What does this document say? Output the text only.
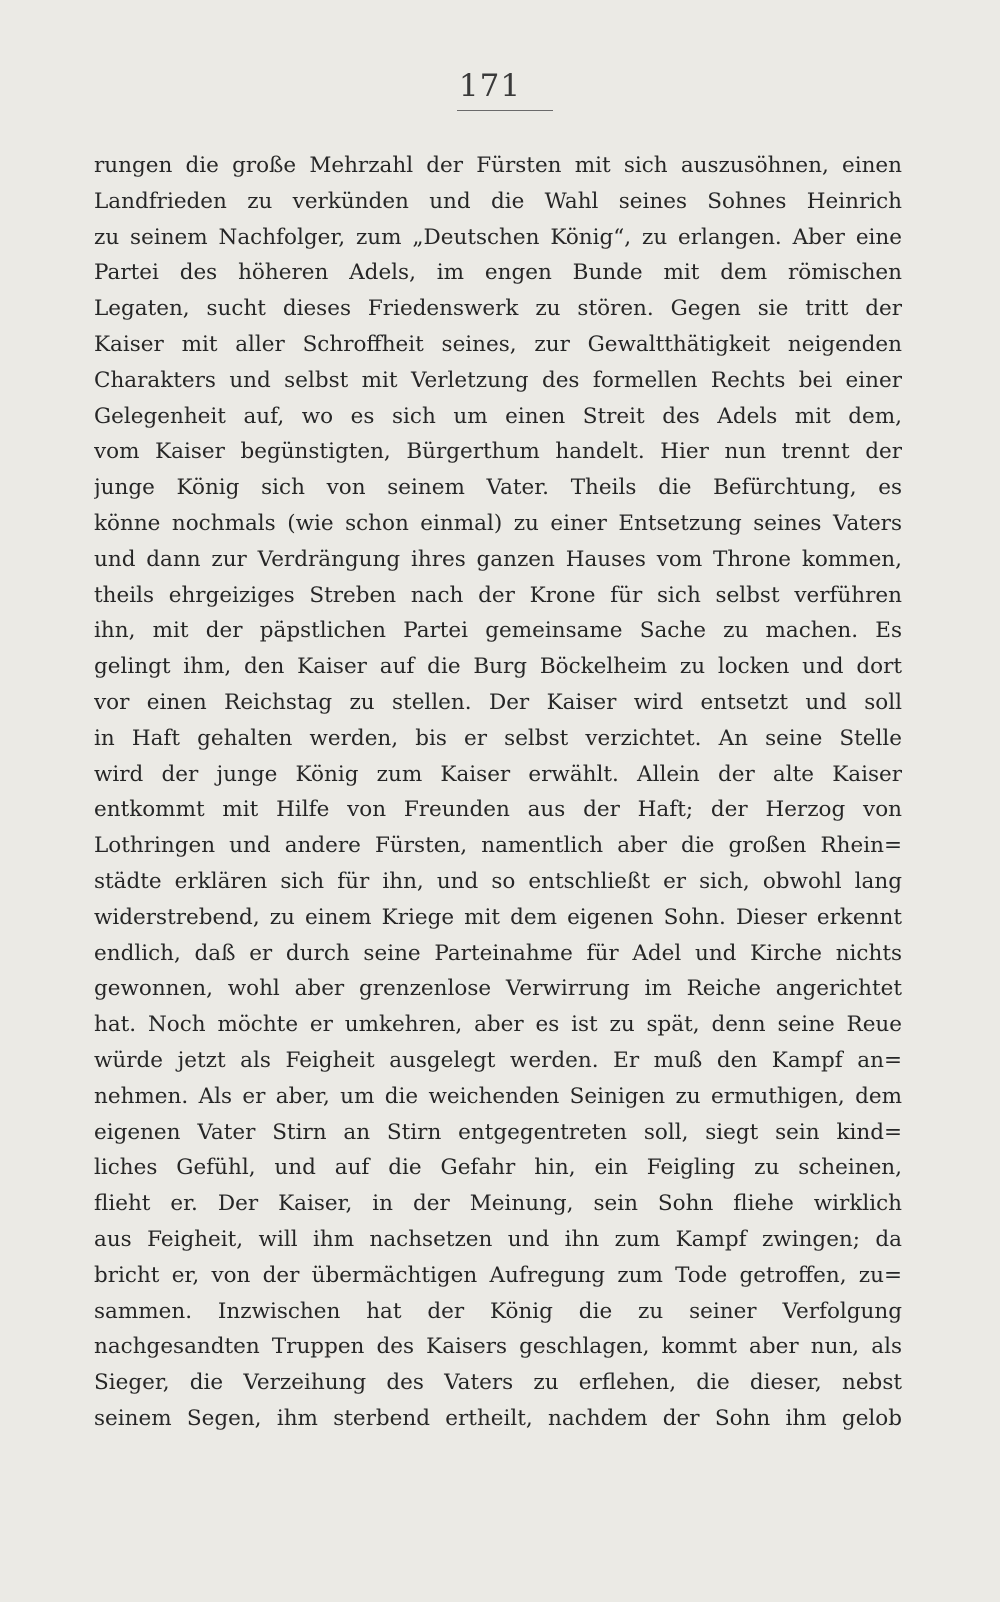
171
rungen die große Mehrzahl der Fürsten mit sich auszusöhnen, einen
Landfrieden zu verkünden und die Wahl seines Sohnes Heinrich
zu seinem Nachfolger, zum „Deutschen König“, zu erlangen. Aber eine
Partei des höheren Adels, im engen Bunde mit dem römischen
Legaten, sucht dieses Friedenswerk zu stören. Gegen sie tritt der
Kaiser mit aller Schroffheit seines, zur Gewaltthätigkeit neigenden
Charakters und selbst mit Verletzung des formellen Rechts bei einer
Gelegenheit auf, wo es sich um einen Streit des Adels mit dem,
vom Kaiser begünstigten, Bürgerthum handelt. Hier nun trennt der
junge König sich von seinem Vater. Theils die Befürchtung, es
könne nochmals (wie schon einmal) zu einer Entsetzung seines Vaters
und dann zur Verdrängung ihres ganzen Hauses vom Throne kommen,
theils ehrgeiziges Streben nach der Krone für sich selbst verführen
ihn, mit der päpstlichen Partei gemeinsame Sache zu machen. Es
gelingt ihm, den Kaiser auf die Burg Böckelheim zu locken und dort
vor einen Reichstag zu stellen. Der Kaiser wird entsetzt und soll
in Haft gehalten werden, bis er selbst verzichtet. An seine Stelle
wird der junge König zum Kaiser erwählt. Allein der alte Kaiser
entkommt mit Hilfe von Freunden aus der Haft; der Herzog von
Lothringen und andere Fürsten, namentlich aber die großen Rhein=
städte erklären sich für ihn, und so entschließt er sich, obwohl lang
widerstrebend, zu einem Kriege mit dem eigenen Sohn. Dieser erkennt
endlich, daß er durch seine Parteinahme für Adel und Kirche nichts
gewonnen, wohl aber grenzenlose Verwirrung im Reiche angerichtet
hat. Noch möchte er umkehren, aber es ist zu spät, denn seine Reue
würde jetzt als Feigheit ausgelegt werden. Er muß den Kampf an=
nehmen. Als er aber, um die weichenden Seinigen zu ermuthigen, dem
eigenen Vater Stirn an Stirn entgegentreten soll, siegt sein kind=
liches Gefühl, und auf die Gefahr hin, ein Feigling zu scheinen,
flieht er. Der Kaiser, in der Meinung, sein Sohn fliehe wirklich
aus Feigheit, will ihm nachsetzen und ihn zum Kampf zwingen; da
bricht er, von der übermächtigen Aufregung zum Tode getroffen, zu=
sammen. Inzwischen hat der König die zu seiner Verfolgung
nachgesandten Truppen des Kaisers geschlagen, kommt aber nun, als
Sieger, die Verzeihung des Vaters zu erflehen, die dieser, nebst
seinem Segen, ihm sterbend ertheilt, nachdem der Sohn ihm gelob
